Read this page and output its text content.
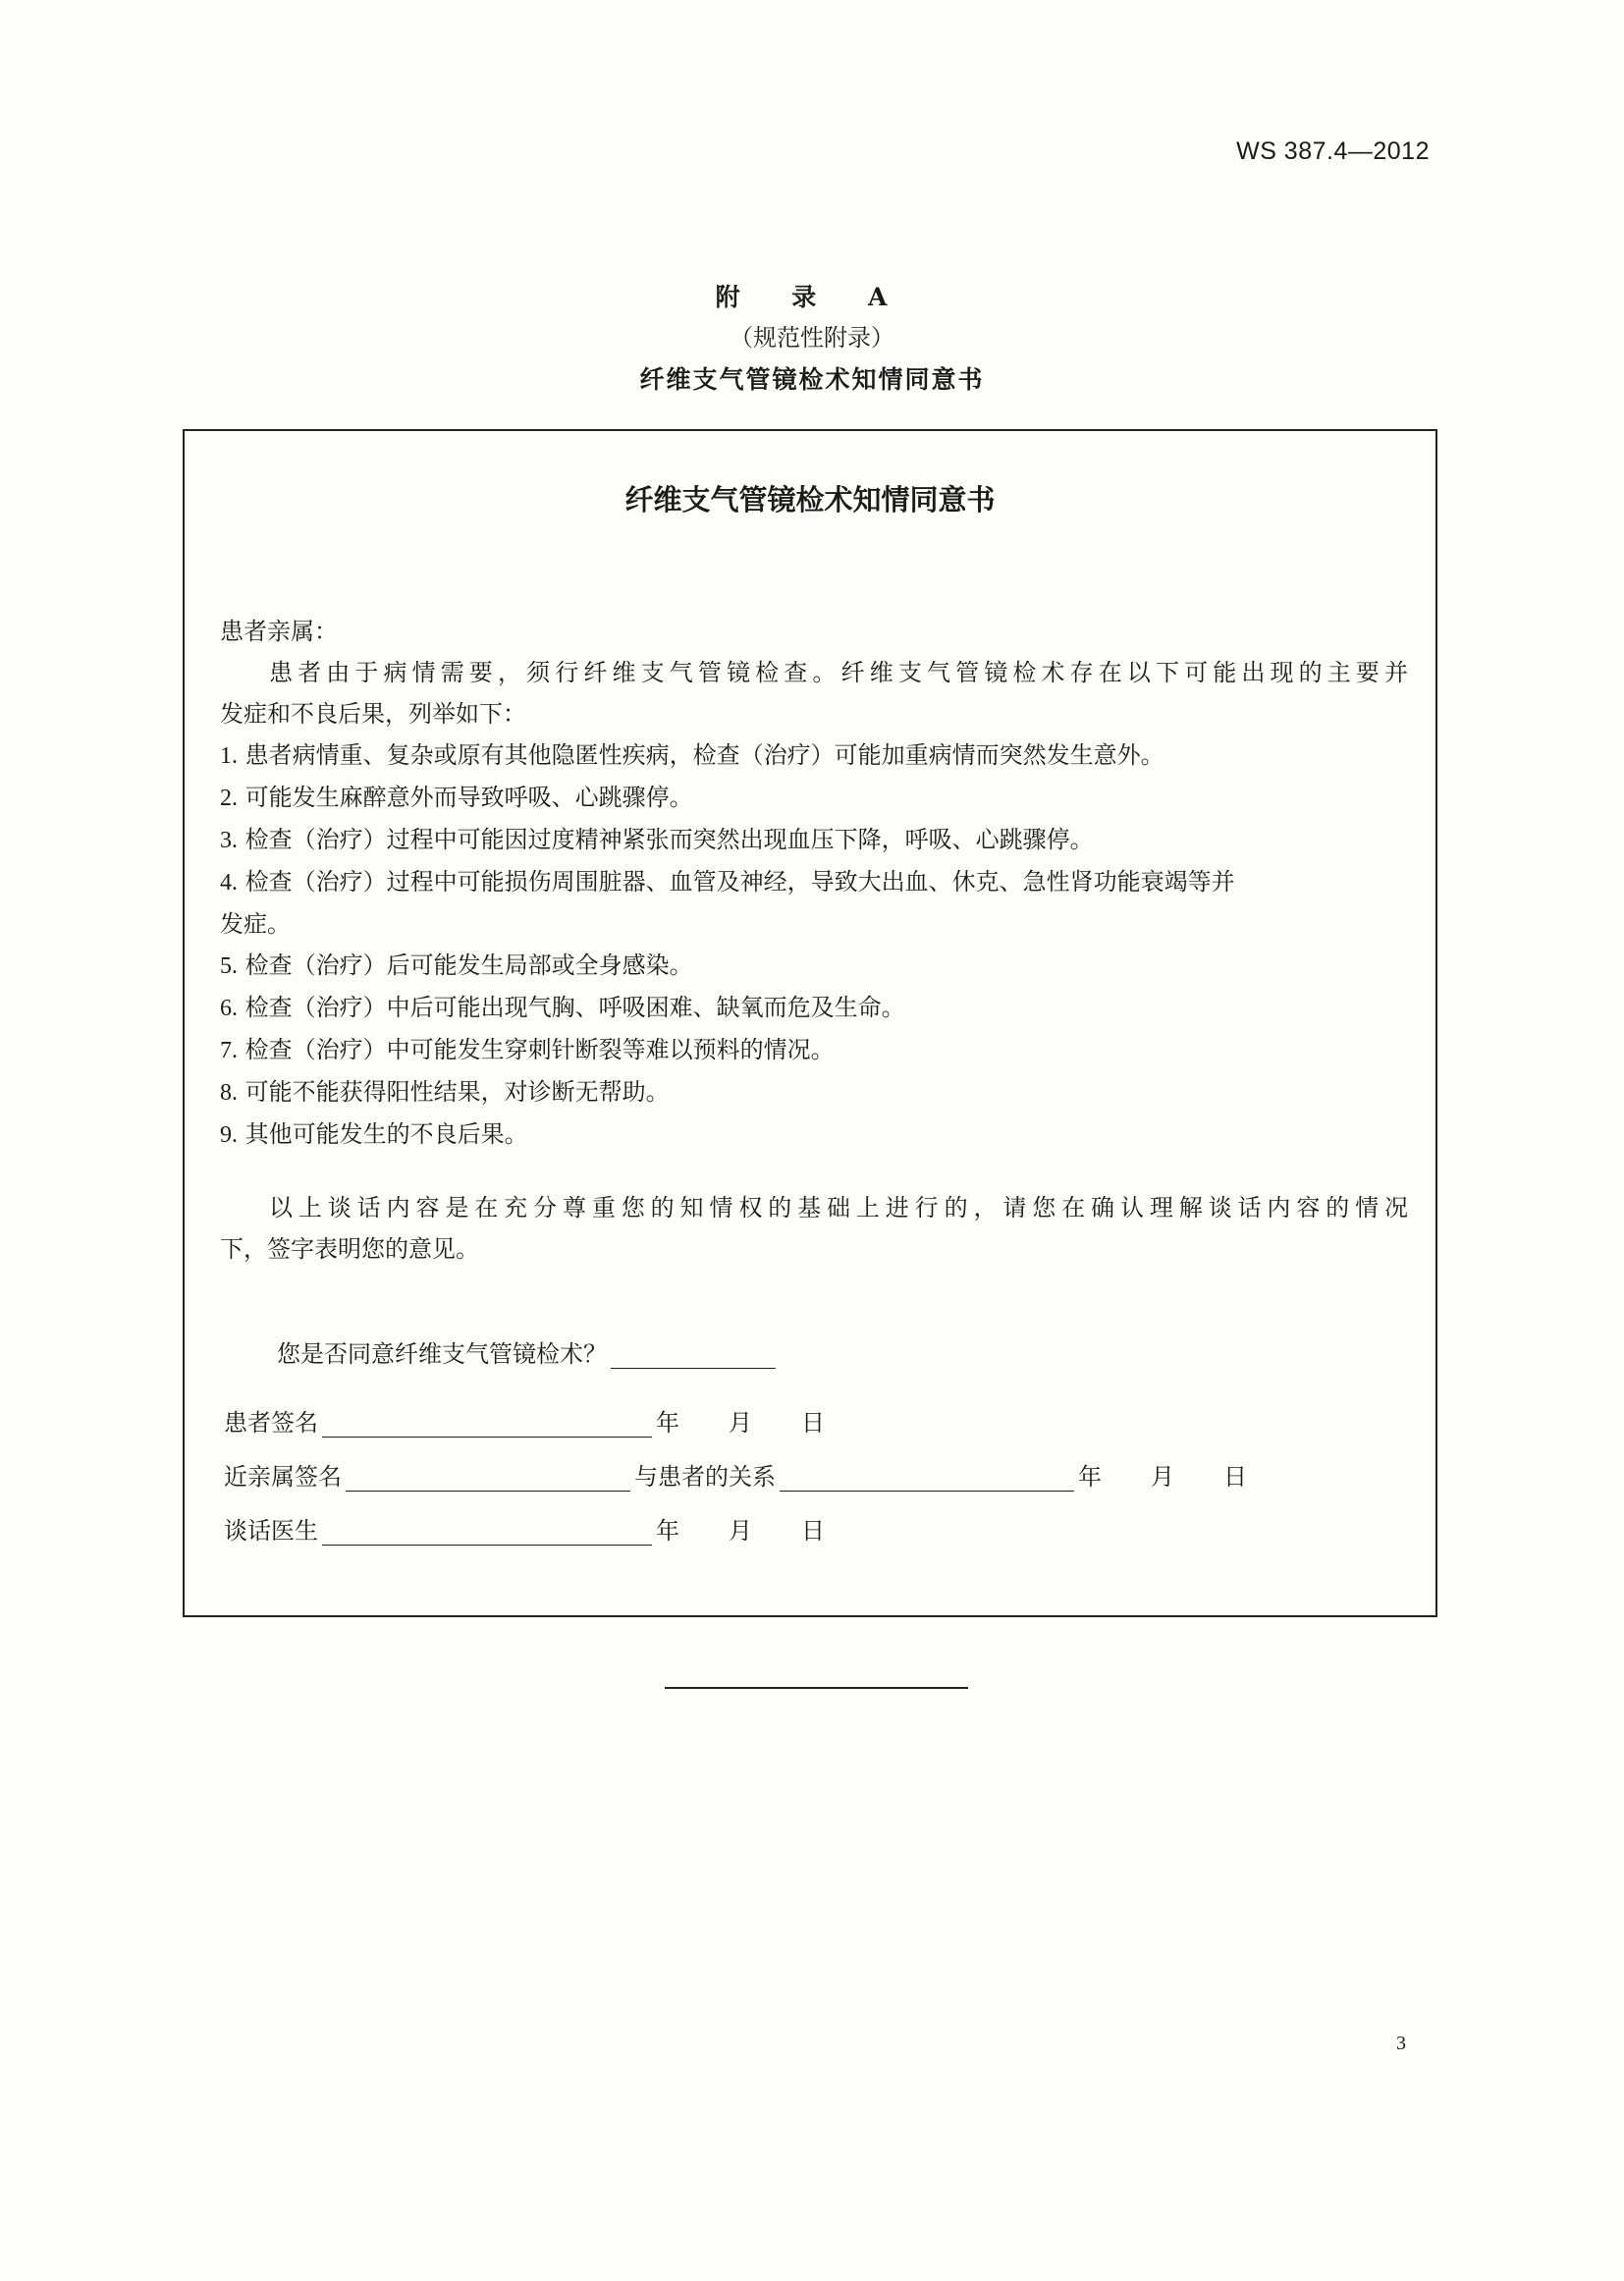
WS 387.4—2012
附 录 A
（规范性附录）
纤维支气管镜检术知情同意书
纤维支气管镜检术知情同意书
患者亲属：
患者由于病情需要，须行纤维支气管镜检查。纤维支气管镜检术存在以下可能出现的主要并
发症和不良后果，列举如下：
1. 患者病情重、复杂或原有其他隐匿性疾病，检查（治疗）可能加重病情而突然发生意外。
2. 可能发生麻醉意外而导致呼吸、心跳骤停。
3. 检查（治疗）过程中可能因过度精神紧张而突然出现血压下降，呼吸、心跳骤停。
4. 检查（治疗）过程中可能损伤周围脏器、血管及神经，导致大出血、休克、急性肾功能衰竭等并
发症。
5. 检查（治疗）后可能发生局部或全身感染。
6. 检查（治疗）中后可能出现气胸、呼吸困难、缺氧而危及生命。
7. 检查（治疗）中可能发生穿刺针断裂等难以预料的情况。
8. 可能不能获得阳性结果，对诊断无帮助。
9. 其他可能发生的不良后果。
以上谈话内容是在充分尊重您的知情权的基础上进行的，请您在确认理解谈话内容的情况
下，签字表明您的意见。
您是否同意纤维支气管镜检术？
患者签名	年 月 日
近亲属签名	与患者的关系	年 月 日
谈话医生	年 月 日
3
